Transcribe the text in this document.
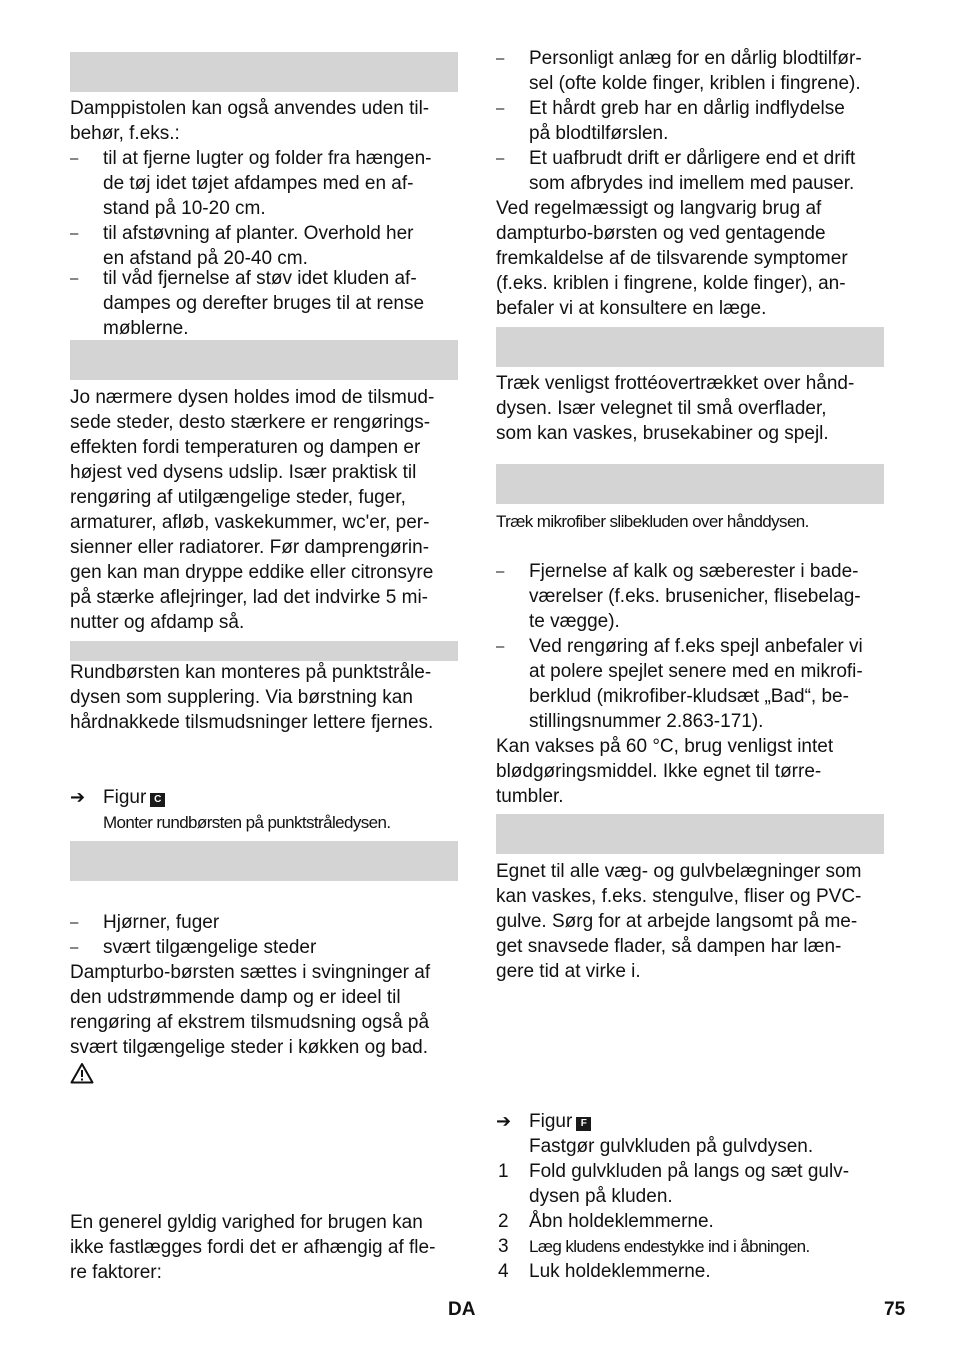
Damppistolen kan også anvendes uden til-
behør, f.eks.:
–	til at fjerne lugter og folder fra hængen-
de tøj idet tøjet afdampes med en af-
stand på 10-20 cm.
–	til afstøvning af planter. Overhold her
en afstand på 20-40 cm.
–	til våd fjernelse af støv idet kluden af-
dampes og derefter bruges til at rense
møblerne.
Jo nærmere dysen holdes imod de tilsmud-
sede steder, desto stærkere er rengørings-
effekten fordi temperaturen og dampen er
højest ved dysens udslip. Især praktisk til
rengøring af utilgængelige steder, fuger,
armaturer, afløb, vaskekummer, wc'er, per-
sienner eller radiatorer. Før damprengørin-
gen kan man dryppe eddike eller citronsyre
på stærke aflejringer, lad det indvirke 5 mi-
nutter og afdamp så.
Rundbørsten kan monteres på punktstråle-
dysen som supplering. Via børstning kan
hårdnakkede tilsmudsninger lettere fjernes.
➔ Figur C
Monter rundbørsten på punktstråledysen.
–	Hjørner, fuger
–	svært tilgængelige steder
Dampturbo-børsten sættes i svingninger af
den udstrømmende damp og er ideel til
rengøring af ekstrem tilsmudsning også på
svært tilgængelige steder i køkken og bad.
En generel gyldig varighed for brugen kan
ikke fastlægges fordi det er afhængig af fle-
re faktorer:
–	Personligt anlæg for en dårlig blodtilfør-
sel (ofte kolde finger, kriblen i fingrene).
–	Et hårdt greb har en dårlig indflydelse
på blodtilførslen.
–	Et uafbrudt drift er dårligere end et drift
som afbrydes ind imellem med pauser.
Ved regelmæssigt og langvarig brug af
dampturbo-børsten og ved gentagende
fremkaldelse af de tilsvarende symptomer
(f.eks. kriblen i fingrene, kolde finger), an-
befaler vi at konsultere en læge.
Træk venligst frottéovertrækket over hånd-
dysen. Især velegnet til små overflader,
som kan vaskes, brusekabiner og spejl.
Træk mikrofiber slibekluden over hånddysen.
–	Fjernelse af kalk og sæberester i bade-
værelser (f.eks. brusenicher, flisebelag-
te vægge).
–	Ved rengøring af f.eks spejl anbefaler vi
at polere spejlet senere med en mikrofi-
berklud (mikrofiber-kludsæt „Bad“, be-
stillingsnummer 2.863-171).
Kan vakses på 60 °C, brug venligst intet
blødgøringsmiddel. Ikke egnet til tørre-
tumbler.
Egnet til alle væg- og gulvbelægninger som
kan vaskes, f.eks. stengulve, fliser og PVC-
gulve. Sørg for at arbejde langsomt på me-
get snavsede flader, så dampen har læn-
gere tid at virke i.
➔ Figur F
Fastgør gulvkluden på gulvdysen.
1	Fold gulvkluden på langs og sæt gulv-
dysen på kluden.
2	Åbn holdeklemmerne.
3	Læg kludens endestykke ind i åbningen.
4	Luk holdeklemmerne.
DA	75
